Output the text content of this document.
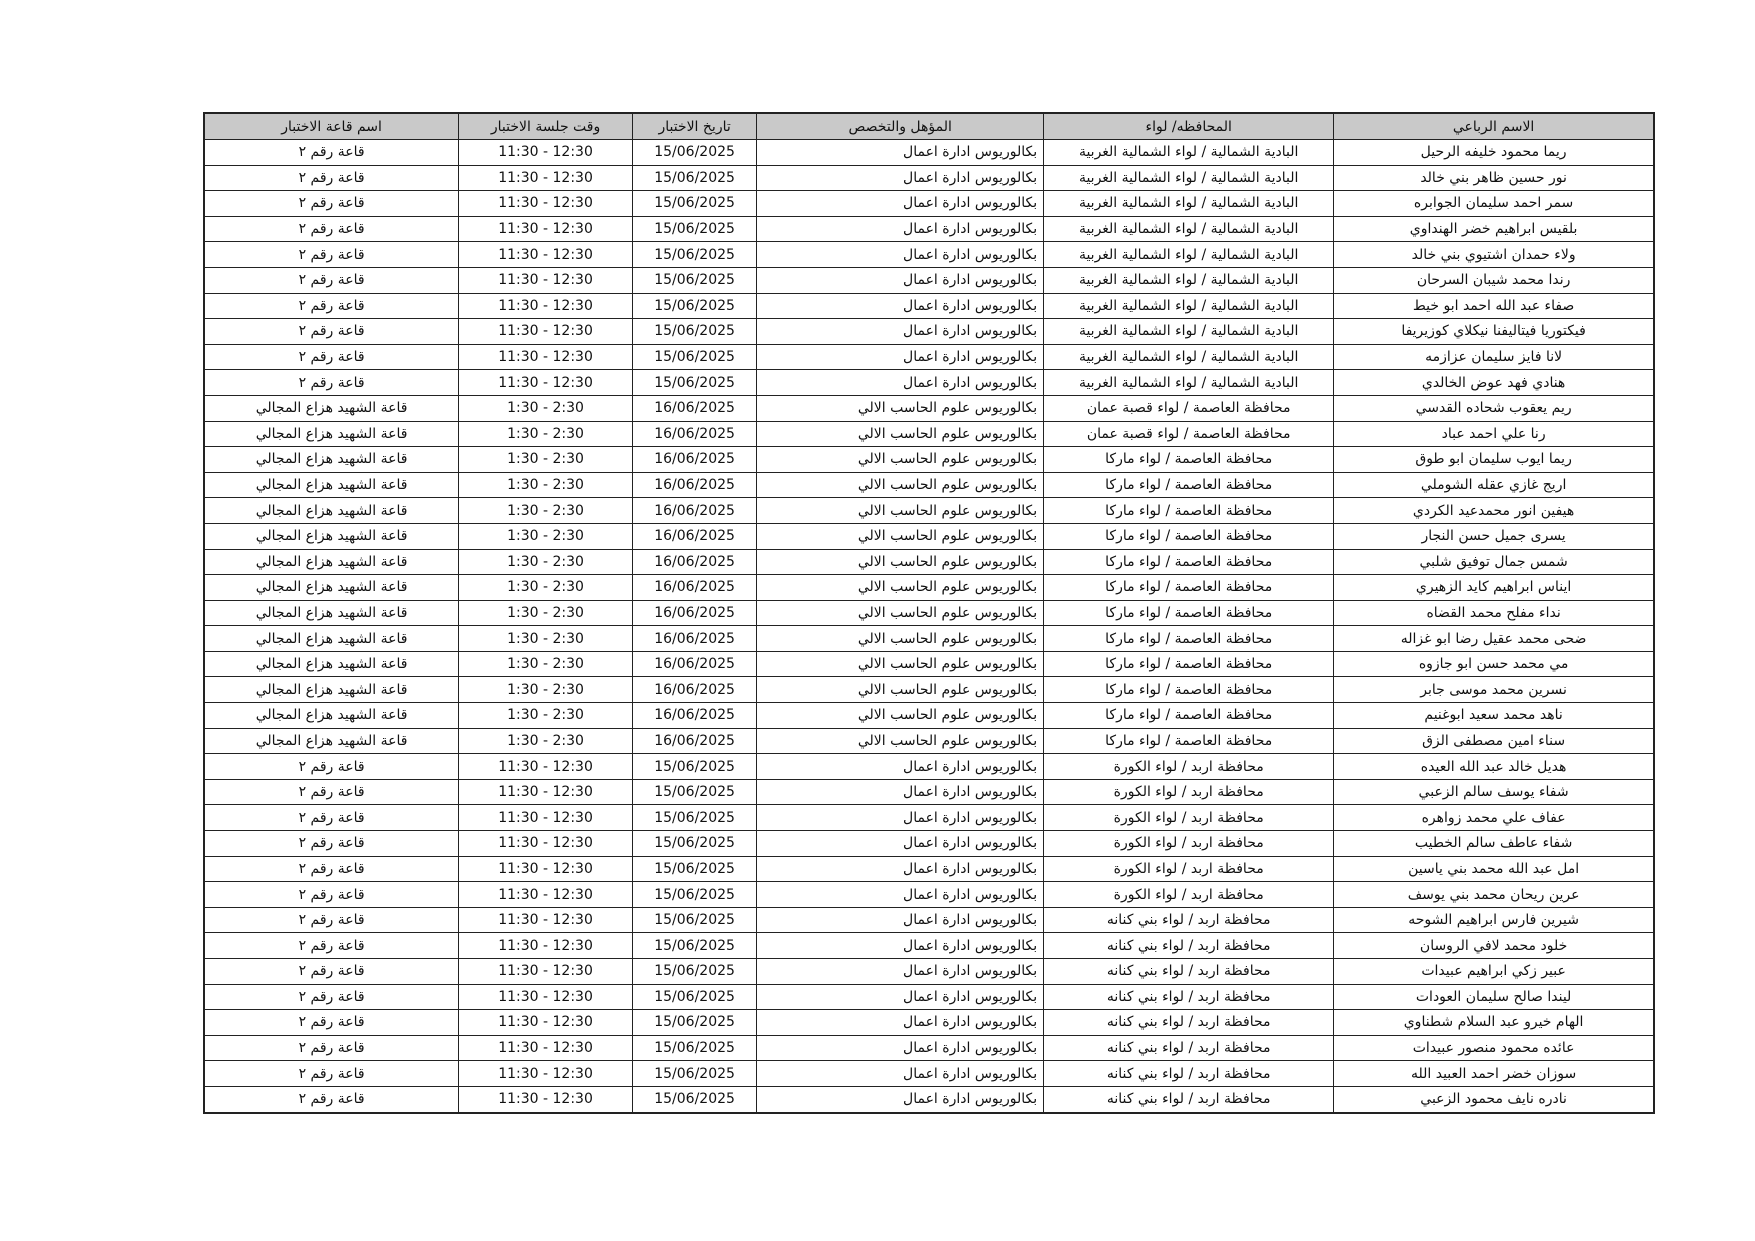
الاسم الرباعي	المحافظه/ لواء	المؤهل والتخصص	تاريخ الاختبار	وقت جلسة الاختبار	اسم قاعة الاختبار
ريما محمود خليفه الرحيل	البادية الشمالية / لواء الشمالية الغربية	بكالوريوس ادارة اعمال	15/06/2025	11:30 - 12:30	قاعة رقم ٢
نور حسين ظاهر بني خالد	البادية الشمالية / لواء الشمالية الغربية	بكالوريوس ادارة اعمال	15/06/2025	11:30 - 12:30	قاعة رقم ٢
سمر احمد سليمان الجوابره	البادية الشمالية / لواء الشمالية الغربية	بكالوريوس ادارة اعمال	15/06/2025	11:30 - 12:30	قاعة رقم ٢
بلقيس ابراهيم خضر الهنداوي	البادية الشمالية / لواء الشمالية الغربية	بكالوريوس ادارة اعمال	15/06/2025	11:30 - 12:30	قاعة رقم ٢
ولاء حمدان اشتيوي بني خالد	البادية الشمالية / لواء الشمالية الغربية	بكالوريوس ادارة اعمال	15/06/2025	11:30 - 12:30	قاعة رقم ٢
رندا محمد شيبان السرحان	البادية الشمالية / لواء الشمالية الغربية	بكالوريوس ادارة اعمال	15/06/2025	11:30 - 12:30	قاعة رقم ٢
صفاء عبد الله احمد ابو خيط	البادية الشمالية / لواء الشمالية الغربية	بكالوريوس ادارة اعمال	15/06/2025	11:30 - 12:30	قاعة رقم ٢
فيكتوريا فيتاليفنا نيكلاي كوزيريفا	البادية الشمالية / لواء الشمالية الغربية	بكالوريوس ادارة اعمال	15/06/2025	11:30 - 12:30	قاعة رقم ٢
لانا فايز سليمان عزازمه	البادية الشمالية / لواء الشمالية الغربية	بكالوريوس ادارة اعمال	15/06/2025	11:30 - 12:30	قاعة رقم ٢
هنادي فهد عوض الخالدي	البادية الشمالية / لواء الشمالية الغربية	بكالوريوس ادارة اعمال	15/06/2025	11:30 - 12:30	قاعة رقم ٢
ريم يعقوب شحاده القدسي	محافظة العاصمة / لواء قصبة عمان	بكالوريوس علوم الحاسب الالي	16/06/2025	1:30 - 2:30	قاعة الشهيد هزاع المجالي
رنا علي احمد عباد	محافظة العاصمة / لواء قصبة عمان	بكالوريوس علوم الحاسب الالي	16/06/2025	1:30 - 2:30	قاعة الشهيد هزاع المجالي
ريما ايوب سليمان ابو طوق	محافظة العاصمة / لواء ماركا	بكالوريوس علوم الحاسب الالي	16/06/2025	1:30 - 2:30	قاعة الشهيد هزاع المجالي
اريج غازي عقله الشوملي	محافظة العاصمة / لواء ماركا	بكالوريوس علوم الحاسب الالي	16/06/2025	1:30 - 2:30	قاعة الشهيد هزاع المجالي
هيفين انور محمدعيد الكردي	محافظة العاصمة / لواء ماركا	بكالوريوس علوم الحاسب الالي	16/06/2025	1:30 - 2:30	قاعة الشهيد هزاع المجالي
يسرى جميل حسن النجار	محافظة العاصمة / لواء ماركا	بكالوريوس علوم الحاسب الالي	16/06/2025	1:30 - 2:30	قاعة الشهيد هزاع المجالي
شمس جمال توفيق شلبي	محافظة العاصمة / لواء ماركا	بكالوريوس علوم الحاسب الالي	16/06/2025	1:30 - 2:30	قاعة الشهيد هزاع المجالي
ايناس ابراهيم كايد الزهيري	محافظة العاصمة / لواء ماركا	بكالوريوس علوم الحاسب الالي	16/06/2025	1:30 - 2:30	قاعة الشهيد هزاع المجالي
نداء مفلح محمد القضاه	محافظة العاصمة / لواء ماركا	بكالوريوس علوم الحاسب الالي	16/06/2025	1:30 - 2:30	قاعة الشهيد هزاع المجالي
ضحى محمد عقيل رضا ابو غزاله	محافظة العاصمة / لواء ماركا	بكالوريوس علوم الحاسب الالي	16/06/2025	1:30 - 2:30	قاعة الشهيد هزاع المجالي
مي محمد حسن ابو جازوه	محافظة العاصمة / لواء ماركا	بكالوريوس علوم الحاسب الالي	16/06/2025	1:30 - 2:30	قاعة الشهيد هزاع المجالي
نسرين محمد موسى جابر	محافظة العاصمة / لواء ماركا	بكالوريوس علوم الحاسب الالي	16/06/2025	1:30 - 2:30	قاعة الشهيد هزاع المجالي
ناهد محمد سعيد ابوغنيم	محافظة العاصمة / لواء ماركا	بكالوريوس علوم الحاسب الالي	16/06/2025	1:30 - 2:30	قاعة الشهيد هزاع المجالي
سناء امين مصطفى الزق	محافظة العاصمة / لواء ماركا	بكالوريوس علوم الحاسب الالي	16/06/2025	1:30 - 2:30	قاعة الشهيد هزاع المجالي
هديل خالد عبد الله العيده	محافظة اربد / لواء الكورة	بكالوريوس ادارة اعمال	15/06/2025	11:30 - 12:30	قاعة رقم ٢
شفاء يوسف سالم الزعبي	محافظة اربد / لواء الكورة	بكالوريوس ادارة اعمال	15/06/2025	11:30 - 12:30	قاعة رقم ٢
عفاف علي محمد زواهره	محافظة اربد / لواء الكورة	بكالوريوس ادارة اعمال	15/06/2025	11:30 - 12:30	قاعة رقم ٢
شفاء عاطف سالم الخطيب	محافظة اربد / لواء الكورة	بكالوريوس ادارة اعمال	15/06/2025	11:30 - 12:30	قاعة رقم ٢
امل عبد الله محمد بني ياسين	محافظة اربد / لواء الكورة	بكالوريوس ادارة اعمال	15/06/2025	11:30 - 12:30	قاعة رقم ٢
عرين ريحان محمد بني يوسف	محافظة اربد / لواء الكورة	بكالوريوس ادارة اعمال	15/06/2025	11:30 - 12:30	قاعة رقم ٢
شيرين فارس ابراهيم الشوحه	محافظة اربد / لواء بني كنانه	بكالوريوس ادارة اعمال	15/06/2025	11:30 - 12:30	قاعة رقم ٢
خلود محمد لافي الروسان	محافظة اربد / لواء بني كنانه	بكالوريوس ادارة اعمال	15/06/2025	11:30 - 12:30	قاعة رقم ٢
عبير زكي ابراهيم عبيدات	محافظة اربد / لواء بني كنانه	بكالوريوس ادارة اعمال	15/06/2025	11:30 - 12:30	قاعة رقم ٢
ليندا صالح سليمان العودات	محافظة اربد / لواء بني كنانه	بكالوريوس ادارة اعمال	15/06/2025	11:30 - 12:30	قاعة رقم ٢
الهام خيرو عبد السلام شطناوي	محافظة اربد / لواء بني كنانه	بكالوريوس ادارة اعمال	15/06/2025	11:30 - 12:30	قاعة رقم ٢
عائده محمود منصور عبيدات	محافظة اربد / لواء بني كنانه	بكالوريوس ادارة اعمال	15/06/2025	11:30 - 12:30	قاعة رقم ٢
سوزان خضر احمد العبيد الله	محافظة اربد / لواء بني كنانه	بكالوريوس ادارة اعمال	15/06/2025	11:30 - 12:30	قاعة رقم ٢
نادره نايف محمود الزعبي	محافظة اربد / لواء بني كنانه	بكالوريوس ادارة اعمال	15/06/2025	11:30 - 12:30	قاعة رقم ٢
